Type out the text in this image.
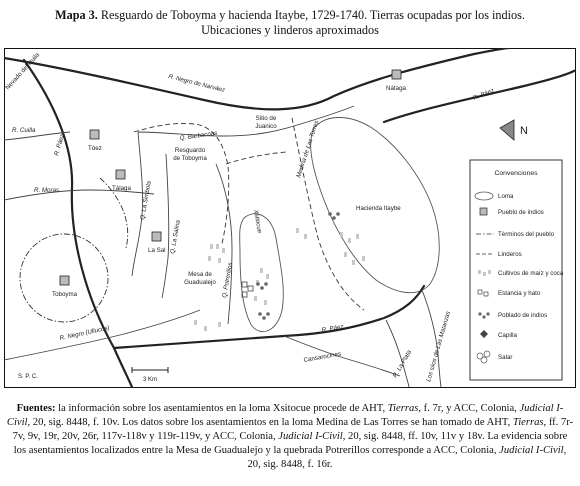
Mapa 3. Resguardo de Toboyma y hacienda Itaybe, 1729-1740. Tierras ocupadas por los indios.
Ubicaciones y linderos aproximados
N
Convenciones
Loma
Pueblo de indios
Términos del pueblo
Linderos
Cultivos de maíz y coca
Estancia y hato
Poblado de indios
Capilla
Salar
Nevado del Huila	R. Negro de Narváez
R. Páez
R. Páez
R. Páez
R. Cuilla
R. Moras
R. Negro (Ullucos)
Q. Barbacoas
Q. La Simbola
Q. La Salina
Q. Potrerillos
Xsitocue
Medina de Las Torres
R. La Plata Los siios de Las Matanzas
Cansarocines
Nátaga
Tóez
Tálaga
La Sal
Toboyma
Hacienda Itaybe
Resguardo
de Toboyma
Sitio de
Juanico
Mesa de
Guadualejo
S. P. C.	3 Km
Fuentes: la información sobre los asentamientos en la loma Xsitocue procede de AHT, Tierras, f. 7r, y ACC, Colonia, Judicial I-Civil, 20, sig. 8448, f. 10v. Los datos sobre los asentamientos en la loma Medina de Las Torres se han tomado de AHT, Tierras, ff. 7r-7v, 9v, 19r, 20v, 26r, 117v-118v y 119r-119v, y ACC, Colonia, Judicial I-Civil, 20, sig. 8448, ff. 10v, 11v y 18v. La evidencia sobre los asentamientos localizados entre la Mesa de Guadualejo y la quebrada Potrerillos corresponde a ACC, Colonia, Judicial I-Civil, 20, sig. 8448, f. 16r.
